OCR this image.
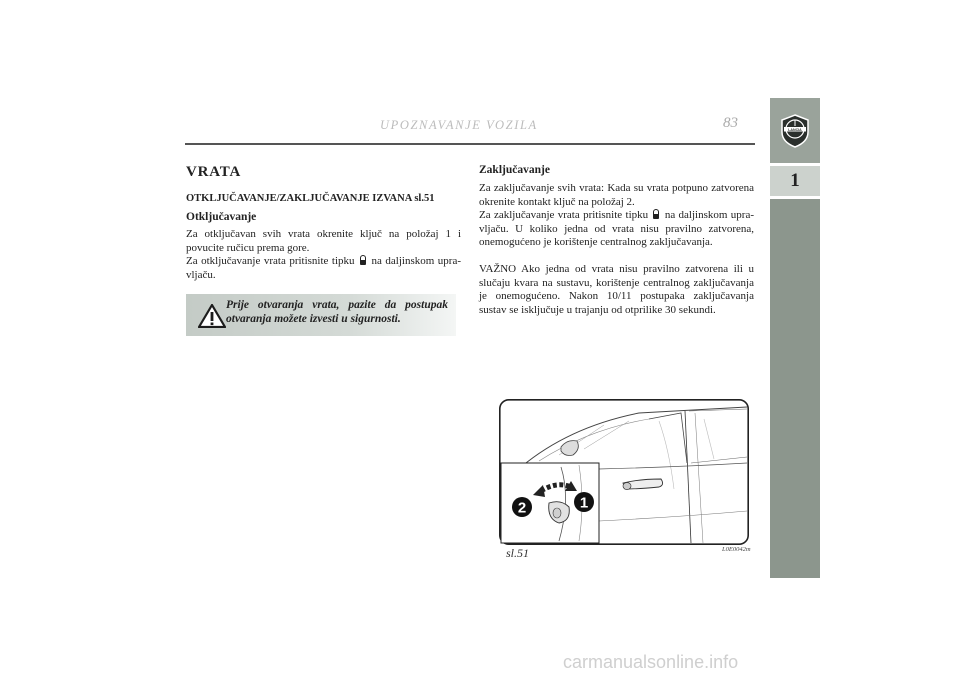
UPOZNAVANJE VOZILA	83	LANCIA
1
VRATA
OTKLJUČAVANJE/ZAKLJUČAVANJE IZVANA sl.51
Otključavanje
Za otključavan svih vrata okrenite ključ na položaj 1 i povucite ručicu prema gore.
Za otključavanje vrata pritisnite tipku na daljinskom upravljaču.
Prije otvaranja vrata, pazite da postupak otvaranja možete izvesti u sigurnosti.
Zaključavanje
Za zaključavanje svih vrata: Kada su vrata potpuno zatvorena okrenite kontakt ključ na položaj 2.
Za zaključavanje vrata pritisnite tipku na daljinskom upravljaču. U koliko jedna od vrata nisu pravilno zatvorena, onemogućeno je korištenje centralnog zaključavanja.
VAŽNO Ako jedna od vrata nisu pravilno zatvorena ili u slučaju kvara na sustavu, korištenje centralnog zaključavanja je onemogućeno. Nakon 10/11 postupaka zaključavanja sustav se isključuje u trajanju od otprilike 30 sekundi.
1
2
L0E0042m
sl.51
carmanualsonline.info
